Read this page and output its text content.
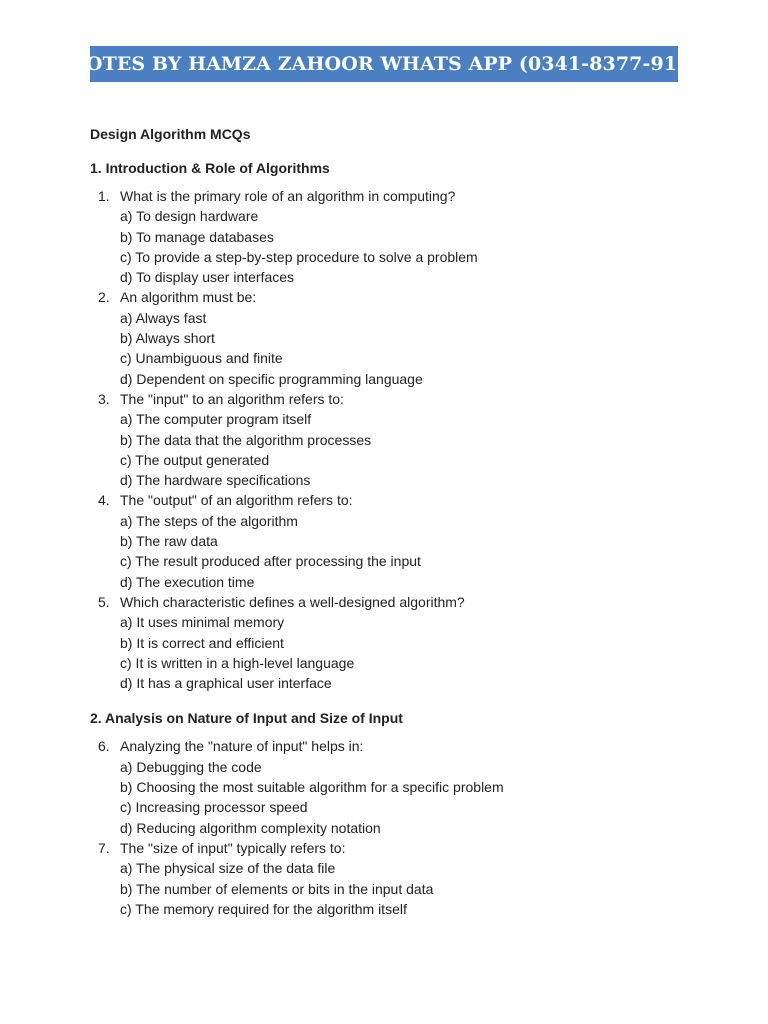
NOTES BY HAMZA ZAHOOR WHATS APP (0341-8377-917)
Design Algorithm MCQs
1. Introduction & Role of Algorithms
1. What is the primary role of an algorithm in computing?
a) To design hardware
b) To manage databases
c) To provide a step-by-step procedure to solve a problem
d) To display user interfaces
2. An algorithm must be:
a) Always fast
b) Always short
c) Unambiguous and finite
d) Dependent on specific programming language
3. The "input" to an algorithm refers to:
a) The computer program itself
b) The data that the algorithm processes
c) The output generated
d) The hardware specifications
4. The "output" of an algorithm refers to:
a) The steps of the algorithm
b) The raw data
c) The result produced after processing the input
d) The execution time
5. Which characteristic defines a well-designed algorithm?
a) It uses minimal memory
b) It is correct and efficient
c) It is written in a high-level language
d) It has a graphical user interface
2. Analysis on Nature of Input and Size of Input
6. Analyzing the "nature of input" helps in:
a) Debugging the code
b) Choosing the most suitable algorithm for a specific problem
c) Increasing processor speed
d) Reducing algorithm complexity notation
7. The "size of input" typically refers to:
a) The physical size of the data file
b) The number of elements or bits in the input data
c) The memory required for the algorithm itself
